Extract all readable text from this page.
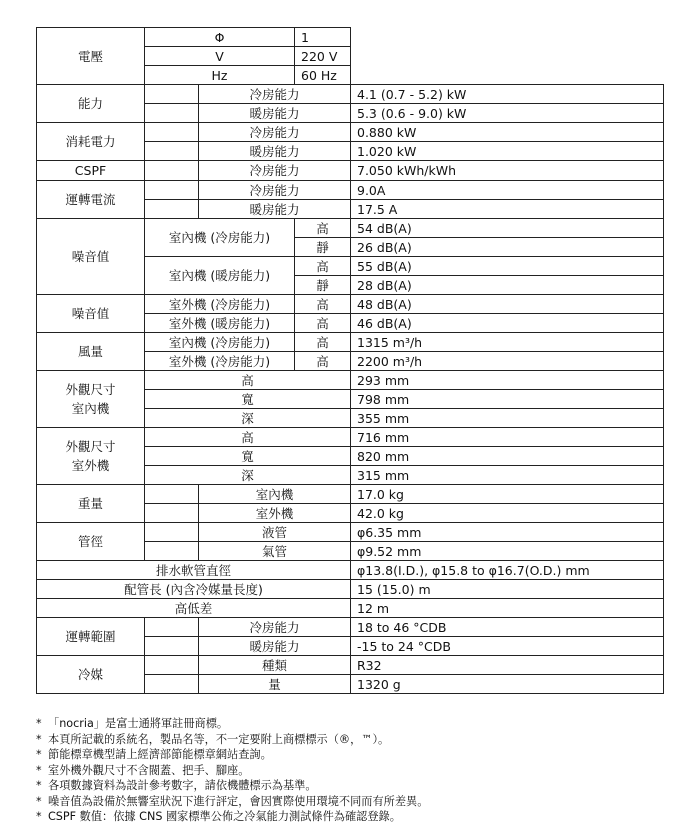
電壓	Φ		1	
	V		220 V	
	Hz		60 Hz	
能力		冷房能力		4.1 (0.7 - 5.2) kW
		暖房能力		5.3 (0.6 - 9.0) kW
消耗電力		冷房能力		0.880 kW
		暖房能力		1.020 kW
CSPF		冷房能力		7.050 kWh/kWh
運轉電流		冷房能力		9.0A
		暖房能力		17.5 A
噪音值	室內機 (冷房能力)		高	54 dB(A)
			靜	26 dB(A)
	室內機 (暖房能力)		高	55 dB(A)
			靜	28 dB(A)
噪音值	室外機 (冷房能力)		高	48 dB(A)
	室外機 (暖房能力)		高	46 dB(A)
風量	室內機 (冷房能力)		高	1315 m³/h
	室外機 (冷房能力)		高	2200 m³/h
外觀尺寸
室內機	高			293 mm
	寬			798 mm
	深			355 mm
外觀尺寸
室外機	高			716 mm
	寬			820 mm
	深			315 mm
重量		室內機		17.0 kg
		室外機		42.0 kg
管徑		液管		φ6.35 mm
		氣管		φ9.52 mm
排水軟管直徑				φ13.8(I.D.), φ15.8 to φ16.7(O.D.) mm
配管長 (內含冷媒量長度)				15 (15.0) m
高低差				12 m
運轉範圍		冷房能力		18 to 46 °CDB
		暖房能力		-15 to 24 °CDB
冷媒		種類		R32
		量		1320 g
* 「nocria」是富士通將軍註冊商標。
* 本頁所記載的系統名，製品名等，不一定要附上商標標示（®，™）。
* 節能標章機型請上經濟部節能標章網站查詢。
* 室外機外觀尺寸不含閥蓋、把手、腳座。
* 各項數據資料為設計參考數字，請依機體標示為基準。
* 噪音值為設備於無響室狀況下進行評定，會因實際使用環境不同而有所差異。
* CSPF 數值：依據 CNS 國家標準公佈之冷氣能力測試條件為確認登錄。
